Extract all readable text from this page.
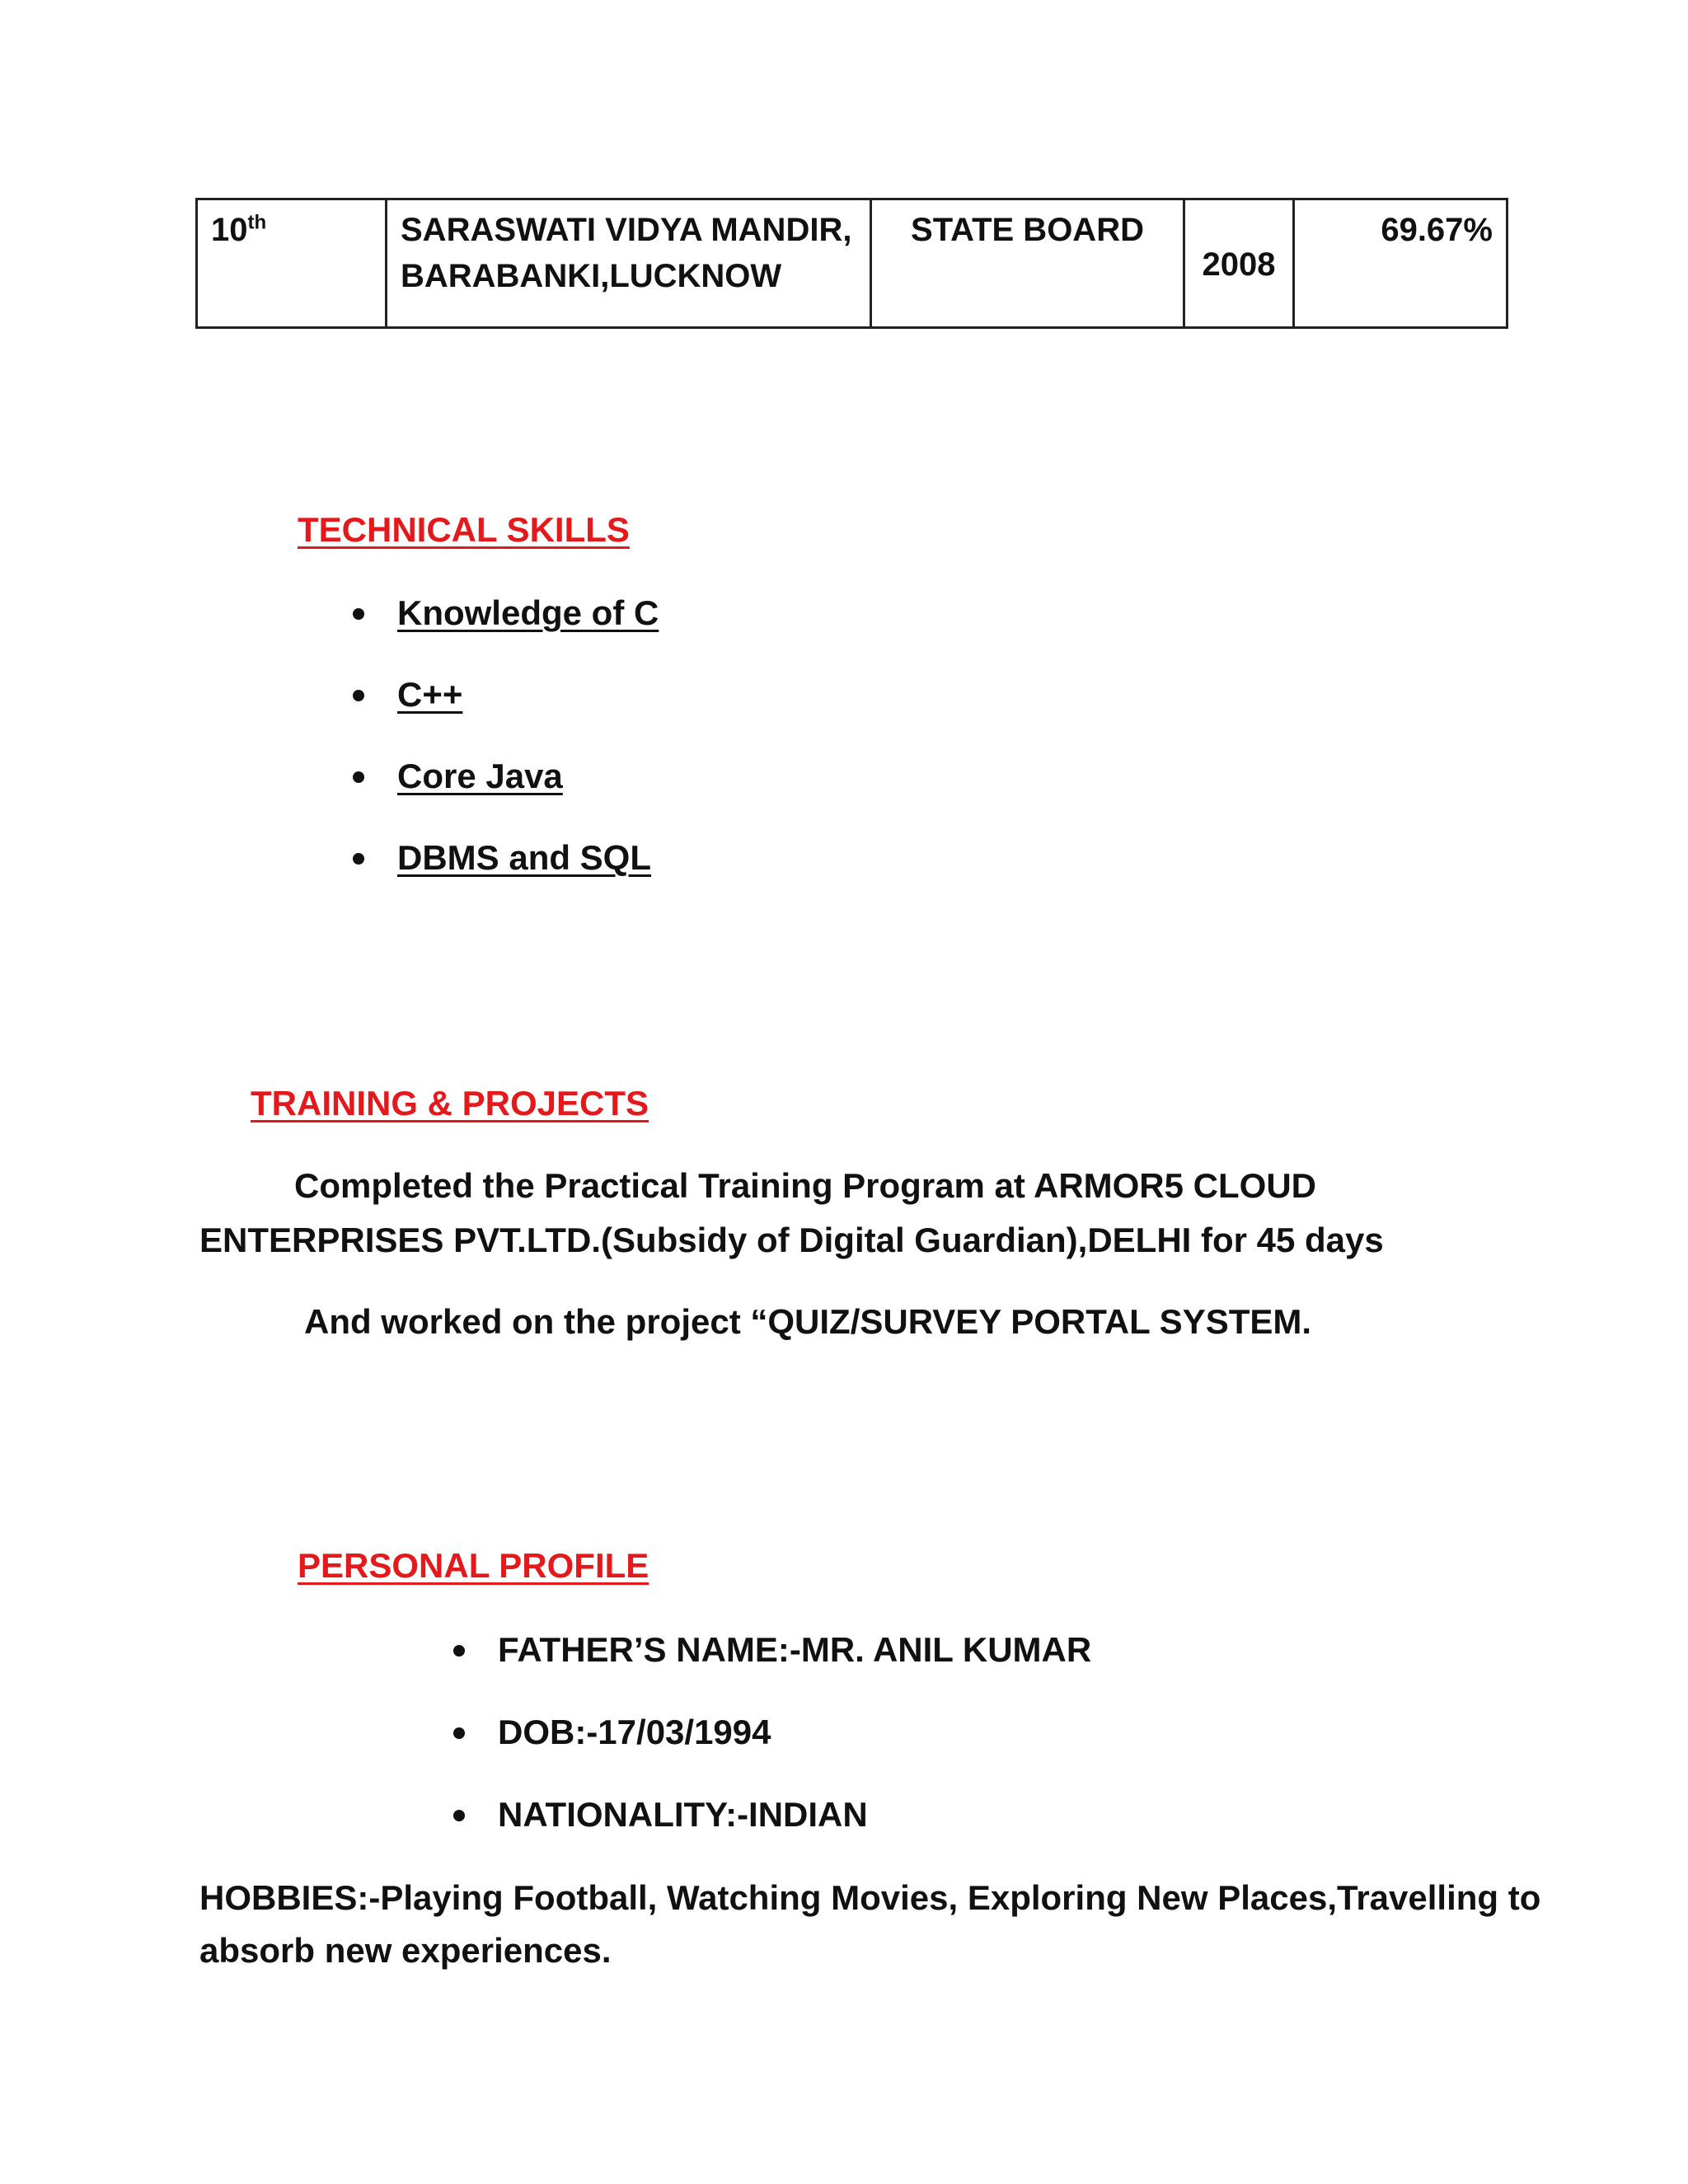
10th	SARASWATI VIDYA MANDIR,BARABANKI,LUCKNOW	STATE BOARD	2008	69.67%
TECHNICAL SKILLS
Knowledge of C
C++
Core Java
DBMS and SQL
TRAINING & PROJECTS
Completed the Practical Training Program at ARMOR5 CLOUD
ENTERPRISES PVT.LTD.(Subsidy of Digital Guardian),DELHI for 45 days
And worked on the project “QUIZ/SURVEY PORTAL SYSTEM.
PERSONAL PROFILE
FATHER’S NAME:-MR. ANIL KUMAR
DOB:-17/03/1994
NATIONALITY:-INDIAN
HOBBIES:-Playing Football, Watching Movies, Exploring New Places,Travelling to
absorb new experiences.
